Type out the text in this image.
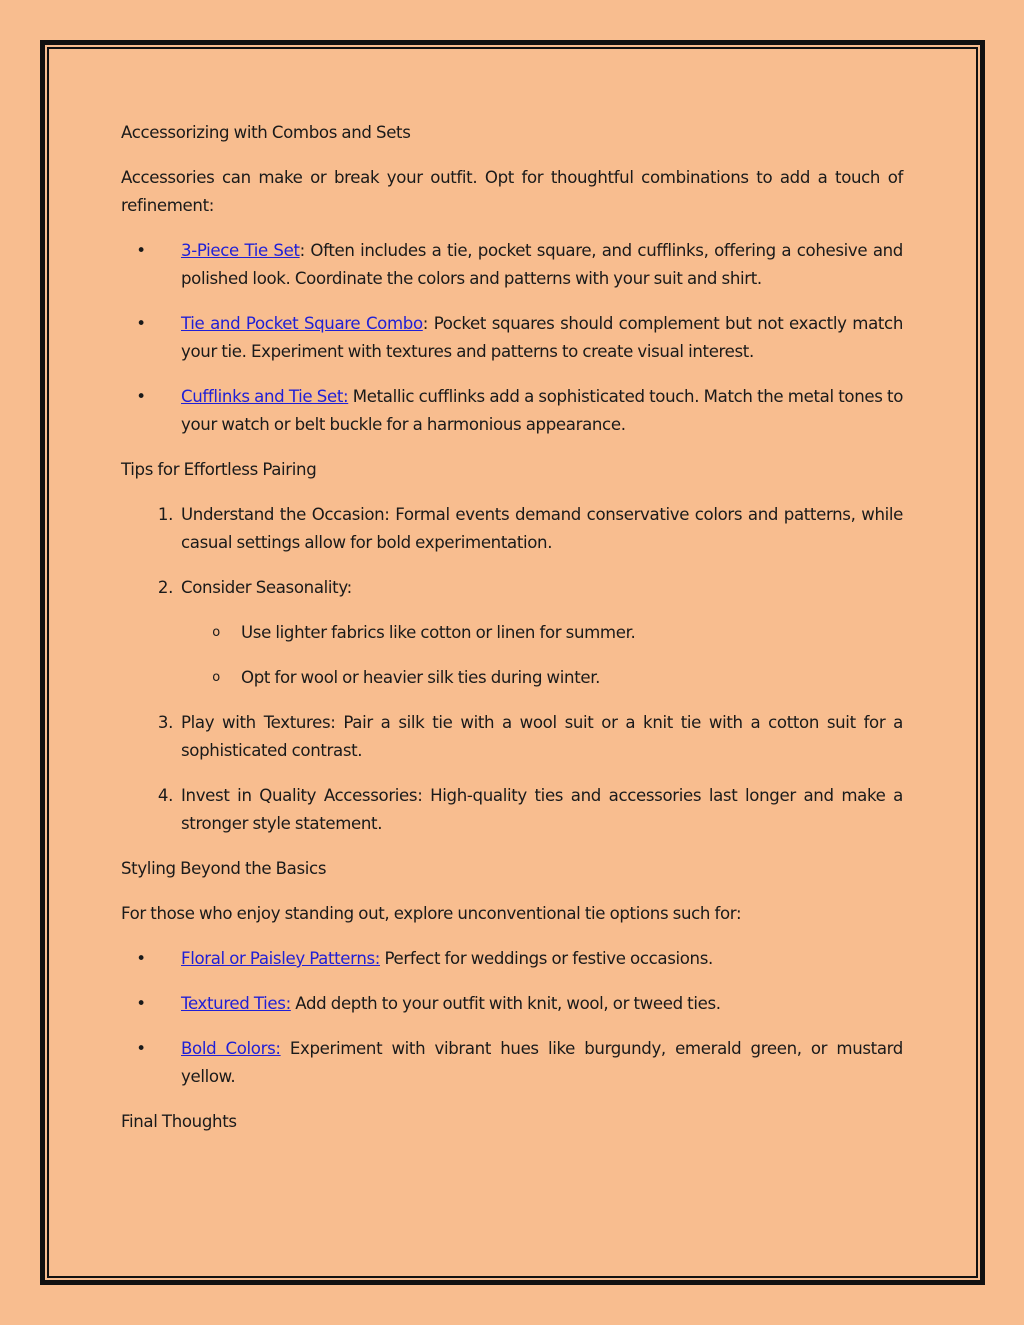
Accessorizing with Combos and Sets

Accessories can make or break your outfit. Opt for thoughtful combinations to add a touch of refinement:

•	3-Piece Tie Set: Often includes a tie, pocket square, and cufflinks, offering a cohesive and polished look. Coordinate the colors and patterns with your suit and shirt.
•	Tie and Pocket Square Combo: Pocket squares should complement but not exactly match your tie. Experiment with textures and patterns to create visual interest.
•	Cufflinks and Tie Set: Metallic cufflinks add a sophisticated touch. Match the metal tones to your watch or belt buckle for a harmonious appearance.

Tips for Effortless Pairing

1. Understand the Occasion: Formal events demand conservative colors and patterns, while casual settings allow for bold experimentation.
2. Consider Seasonality:
o	Use lighter fabrics like cotton or linen for summer.
o	Opt for wool or heavier silk ties during winter.
3. Play with Textures: Pair a silk tie with a wool suit or a knit tie with a cotton suit for a sophisticated contrast.
4. Invest in Quality Accessories: High-quality ties and accessories last longer and make a stronger style statement.

Styling Beyond the Basics

For those who enjoy standing out, explore unconventional tie options such for:

•	Floral or Paisley Patterns: Perfect for weddings or festive occasions.
•	Textured Ties: Add depth to your outfit with knit, wool, or tweed ties.
•	Bold Colors: Experiment with vibrant hues like burgundy, emerald green, or mustard yellow.

Final Thoughts
